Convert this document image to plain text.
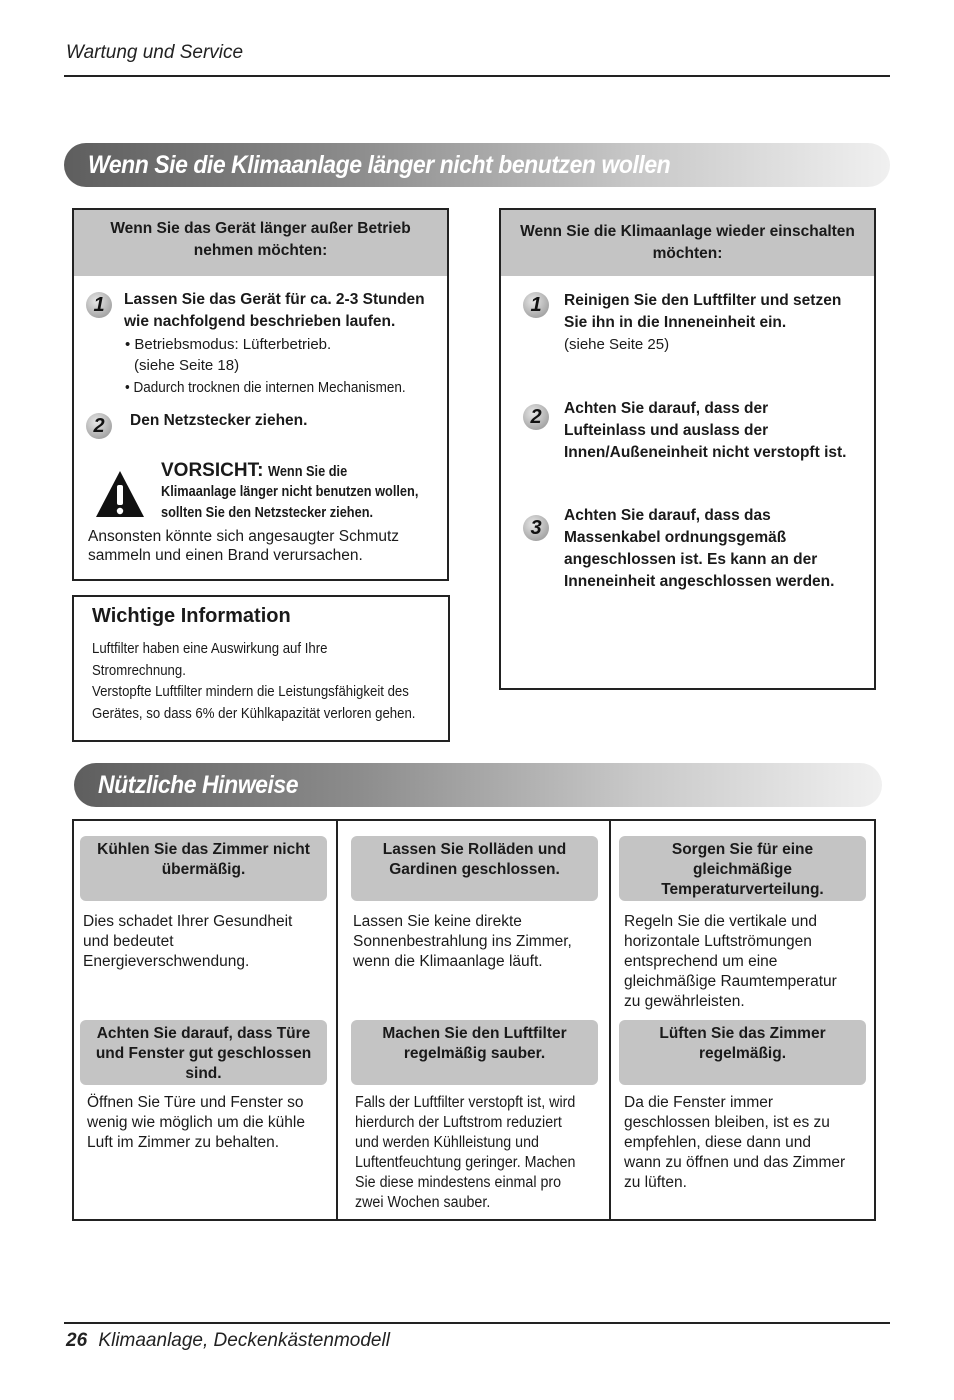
Wartung und Service
Wenn Sie die Klimaanlage länger nicht benutzen wollen
Wenn Sie das Gerät länger außer Betrieb
nehmen möchten:
1	Lassen Sie das Gerät für ca. 2-3 Stunden
wie nachfolgend beschrieben laufen.
• Betriebsmodus: Lüfterbetrieb.
(siehe Seite 18)
• Dadurch trocknen die internen Mechanismen.
2	Den Netzstecker ziehen.
VORSICHT: Wenn Sie die
Klimaanlage länger nicht benutzen wollen,
sollten Sie den Netzstecker ziehen.
Ansonsten könnte sich angesaugter Schmutz
sammeln und einen Brand verursachen.
Wichtige Information
Luftfilter haben eine Auswirkung auf Ihre
Stromrechnung.
Verstopfte Luftfilter mindern die Leistungsfähigkeit des
Gerätes, so dass 6% der Kühlkapazität verloren gehen.
Wenn Sie die Klimaanlage wieder einschalten
möchten:
1	Reinigen Sie den Luftfilter und setzen
Sie ihn in die Inneneinheit ein.
(siehe Seite 25)
2	Achten Sie darauf, dass der
Lufteinlass und auslass der
Innen/Außeneinheit nicht verstopft ist.
3
Achten Sie darauf, dass das
Massenkabel ordnungsgemäß
angeschlossen ist. Es kann an der
Inneneinheit angeschlossen werden.
Nützliche Hinweise
Kühlen Sie das Zimmer nicht
übermäßig.
Dies schadet Ihrer Gesundheit
und bedeutet
Energieverschwendung.
Lassen Sie Rolläden und
Gardinen geschlossen.
Lassen Sie keine direkte
Sonnenbestrahlung ins Zimmer,
wenn die Klimaanlage läuft.
Sorgen Sie für eine
gleichmäßige
Temperaturverteilung.
Regeln Sie die vertikale und
horizontale Luftströmungen
entsprechend um eine
gleichmäßige Raumtemperatur
zu gewährleisten.
Achten Sie darauf, dass Türe
und Fenster gut geschlossen
sind.
Öffnen Sie Türe und Fenster so
wenig wie möglich um die kühle
Luft im Zimmer zu behalten.
Machen Sie den Luftfilter
regelmäßig sauber.
Falls der Luftfilter verstopft ist, wird
hierdurch der Luftstrom reduziert
und werden Kühlleistung und
Luftentfeuchtung geringer. Machen
Sie diese mindestens einmal pro
zwei Wochen sauber.
Lüften Sie das Zimmer
regelmäßig.
Da die Fenster immer
geschlossen bleiben, ist es zu
empfehlen, diese dann und
wann zu öffnen und das Zimmer
zu lüften.
26 Klimaanlage, Deckenkästenmodell
